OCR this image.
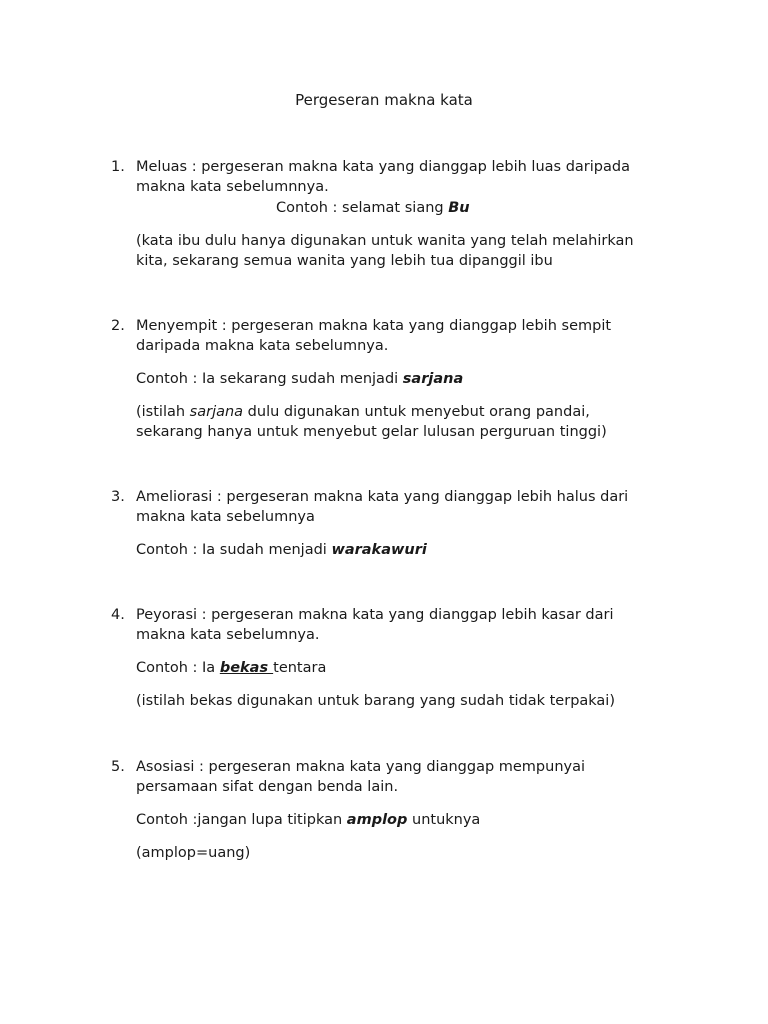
Pergeseran makna kata
1. Meluas : pergeseran makna kata yang dianggap lebih luas daripada
makna kata sebelumnnya.
Contoh : selamat siang Bu
(kata ibu dulu hanya digunakan untuk wanita yang telah melahirkan
kita, sekarang semua wanita yang lebih tua dipanggil ibu
2. Menyempit : pergeseran makna kata yang dianggap lebih sempit
daripada makna kata sebelumnya.
Contoh : Ia sekarang sudah menjadi sarjana
(istilah sarjana dulu digunakan untuk menyebut orang pandai,
sekarang hanya untuk menyebut gelar lulusan perguruan tinggi)
3. Ameliorasi : pergeseran makna kata yang dianggap lebih halus dari
makna kata sebelumnya
Contoh : Ia sudah menjadi warakawuri
4. Peyorasi : pergeseran makna kata yang dianggap lebih kasar dari
makna kata sebelumnya.
Contoh : Ia bekas tentara
(istilah bekas digunakan untuk barang yang sudah tidak terpakai)
5. Asosiasi : pergeseran makna kata yang dianggap mempunyai
persamaan sifat dengan benda lain.
Contoh :jangan lupa titipkan amplop untuknya
(amplop=uang)
